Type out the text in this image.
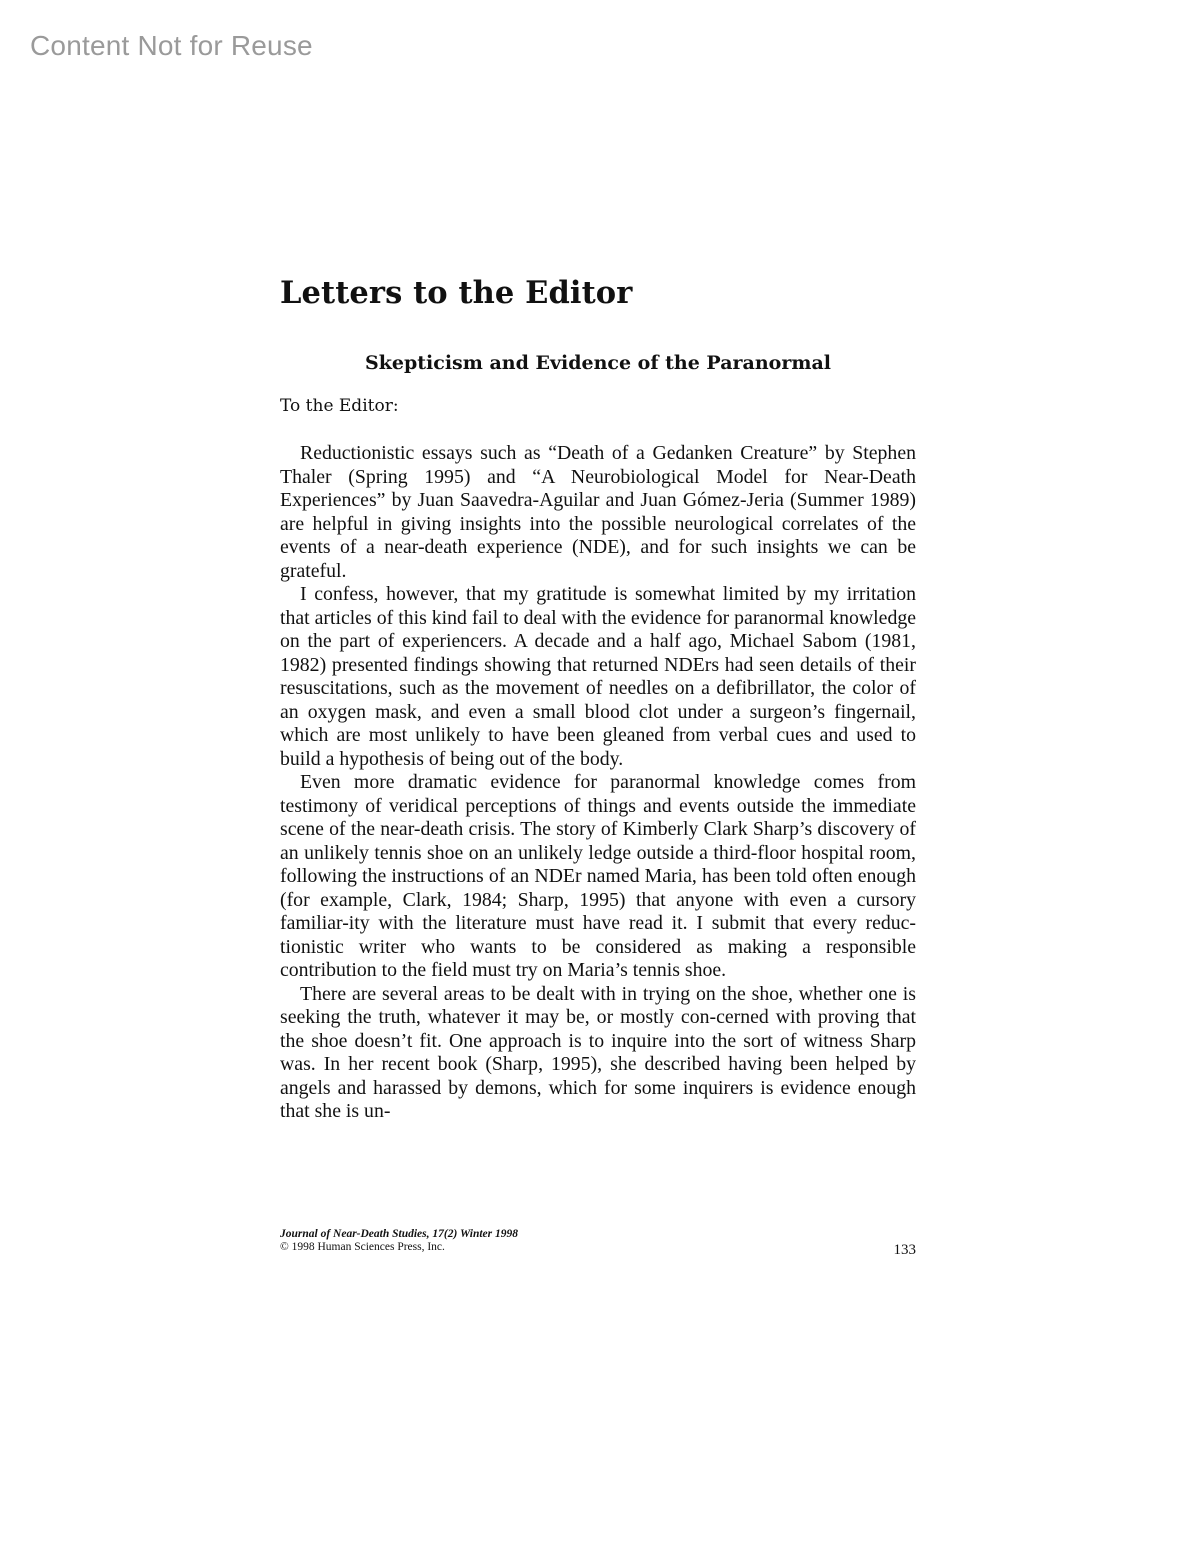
Content Not for Reuse
Letters to the Editor
Skepticism and Evidence of the Paranormal
To the Editor:

Reductionistic essays such as “Death of a Gedanken Creature” by Stephen Thaler (Spring 1995) and “A Neurobiological Model for Near-Death Experiences” by Juan Saavedra-Aguilar and Juan Gómez-Jeria (Summer 1989) are helpful in giving insights into the possible neurological correlates of the events of a near-death experience (NDE), and for such insights we can be grateful.

I confess, however, that my gratitude is somewhat limited by my irritation that articles of this kind fail to deal with the evidence for paranormal knowledge on the part of experiencers. A decade and a half ago, Michael Sabom (1981, 1982) presented findings showing that returned NDErs had seen details of their resuscitations, such as the movement of needles on a defibrillator, the color of an oxygen mask, and even a small blood clot under a surgeon’s fingernail, which are most unlikely to have been gleaned from verbal cues and used to build a hypothesis of being out of the body.

Even more dramatic evidence for paranormal knowledge comes from testimony of veridical perceptions of things and events outside the immediate scene of the near-death crisis. The story of Kimberly Clark Sharp’s discovery of an unlikely tennis shoe on an unlikely ledge outside a third-floor hospital room, following the instructions of an NDEr named Maria, has been told often enough (for example, Clark, 1984; Sharp, 1995) that anyone with even a cursory familiar-ity with the literature must have read it. I submit that every reduc-tionistic writer who wants to be considered as making a responsible contribution to the field must try on Maria’s tennis shoe.

There are several areas to be dealt with in trying on the shoe, whether one is seeking the truth, whatever it may be, or mostly con-cerned with proving that the shoe doesn’t fit. One approach is to inquire into the sort of witness Sharp was. In her recent book (Sharp, 1995), she described having been helped by angels and harassed by demons, which for some inquirers is evidence enough that she is un-

Journal of Near-Death Studies, 17(2) Winter 1998
© 1998 Human Sciences Press, Inc.	133
